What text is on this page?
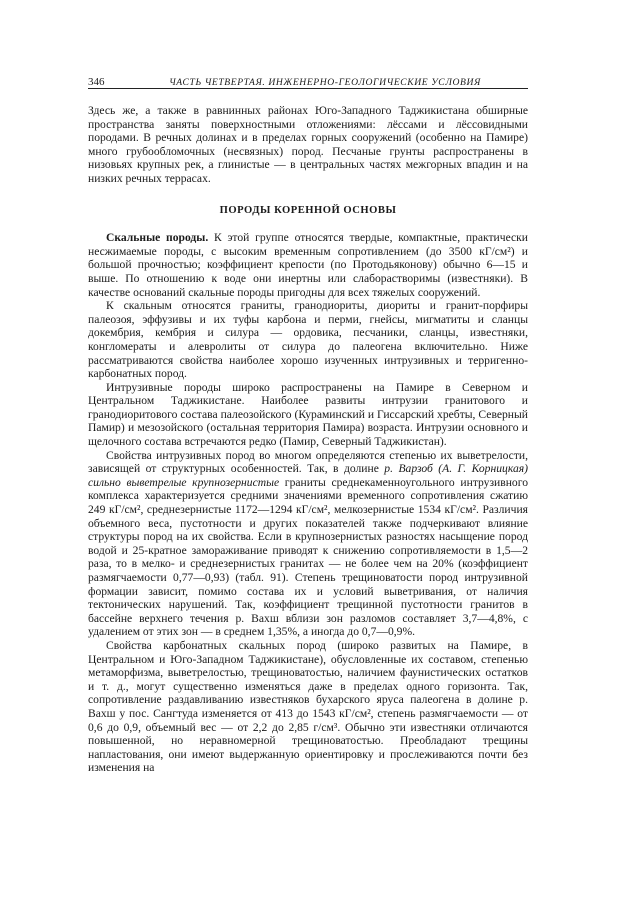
346	ЧАСТЬ ЧЕТВЕРТАЯ. ИНЖЕНЕРНО-ГЕОЛОГИЧЕСКИЕ УСЛОВИЯ

Здесь же, а также в равнинных районах Юго-Западного Таджикистана обширные пространства заняты поверхностными отложениями: лёссами и лёссовидными породами. В речных долинах и в пределах горных сооружений (особенно на Памире) много грубообломочных (несвязных) пород. Песчаные грунты распространены в низовьях крупных рек, а глинистые — в центральных частях межгорных впадин и на низких речных террасах.

ПОРОДЫ КОРЕННОЙ ОСНОВЫ

Скальные породы. К этой группе относятся твердые, компактные, практически несжимаемые породы, с высоким временным сопротивлением (до 3500 кГ/см²) и большой прочностью; коэффициент крепости (по Протодьяконову) обычно 6—15 и выше. По отношению к воде они инертны или слаборастворимы (известняки). В качестве оснований скальные породы пригодны для всех тяжелых сооружений.

К скальным относятся граниты, гранодиориты, диориты и гранит-порфиры палеозоя, эффузивы и их туфы карбона и перми, гнейсы, мигматиты и сланцы докембрия, кембрия и силура — ордовика, песчаники, сланцы, известняки, конгломераты и алевролиты от силура до палеогена включительно. Ниже рассматриваются свойства наиболее хорошо изученных интрузивных и терригенно-карбонатных пород.

Интрузивные породы широко распространены на Памире в Северном и Центральном Таджикистане. Наиболее развиты интрузии гранитового и гранодиоритового состава палеозойского (Кураминский и Гиссарский хребты, Северный Памир) и мезозойского (остальная территория Памира) возраста. Интрузии основного и щелочного состава встречаются редко (Памир, Северный Таджикистан).

Свойства интрузивных пород во многом определяются степенью их выветрелости, зависящей от структурных особенностей. Так, в долине р. Варзоб (А. Г. Корницкая) сильно выветрелые крупнозернистые граниты среднекаменноугольного интрузивного комплекса характеризуется средними значениями временного сопротивления сжатию 249 кГ/см², среднезернистые 1172—1294 кГ/см², мелкозернистые 1534 кГ/см². Различия объемного веса, пустотности и других показателей также подчеркивают влияние структуры пород на их свойства. Если в крупнозернистых разностях насыщение пород водой и 25-кратное замораживание приводят к снижению сопротивляемости в 1,5—2 раза, то в мелко- и среднезернистых гранитах — не более чем на 20% (коэффициент размягчаемости 0,77—0,93) (табл. 91). Степень трещиноватости пород интрузивной формации зависит, помимо состава их и условий выветривания, от наличия тектонических нарушений. Так, коэффициент трещинной пустотности гранитов в бассейне верхнего течения р. Вахш вблизи зон разломов составляет 3,7—4,8%, с удалением от этих зон — в среднем 1,35%, а иногда до 0,7—0,9%.

Свойства карбонатных скальных пород (широко развитых на Памире, в Центральном и Юго-Западном Таджикистане), обусловленные их составом, степенью метаморфизма, выветрелостью, трещиноватостью, наличием фаунистических остатков и т. д., могут существенно изменяться даже в пределах одного горизонта. Так, сопротивление раздавливанию известняков бухарского яруса палеогена в долине р. Вахш у пос. Сангтуда изменяется от 413 до 1543 кГ/см², степень размягчаемости — от 0,6 до 0,9, объемный вес — от 2,2 до 2,85 г/см³. Обычно эти известняки отличаются повышенной, но неравномерной трещиноватостью. Преобладают трещины напластования, они имеют выдержанную ориентировку и прослеживаются почти без изменения на
